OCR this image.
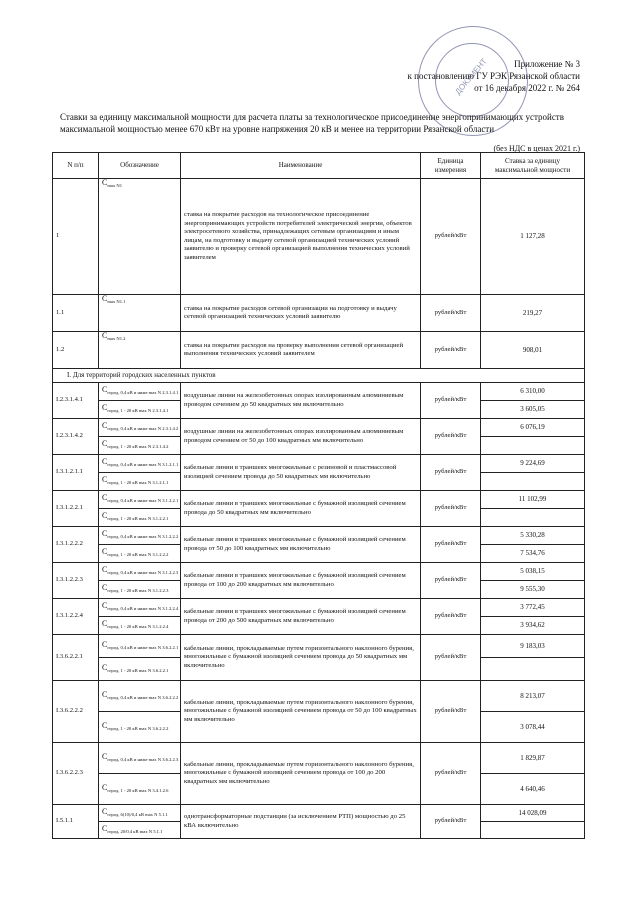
Приложение № 3
к постановлению ГУ РЭК Рязанской области
от 16 декабря 2022 г. № 264
ДОКУМЕНТ
Ставки за единицу максимальной мощности для расчета платы за технологическое присоединение энергопринимающих устройств максимальной мощностью менее 670 кВт на уровне напряжения 20 кВ и менее на территории Рязанской области
(без НДС в ценах 2021 г.)
N п/п	Обозначение	Наименование	Единица измерения	Ставка за единицу максимальной мощности
1	$C_{max N1}$	ставка на покрытие расходов на технологическое присоединение энергопринимающих устройств потребителей электрической энергии, объектов электросетевого хозяйства, принадлежащих сетевым организациям и иным лицам, на подготовку и выдачу сетевой организацией технических условий заявителю и проверку сетевой организацией выполнения технических условий заявителем	рублей/кВт	1 127,28
1.1	$C_{max N1.1}$	ставка на покрытие расходов сетевой организации на подготовку и выдачу сетевой организацией технических условий заявителю	рублей/кВт	219,27
1.2	$C_{max N1.2}$	ставка на покрытие расходов на проверку выполнения сетевой организацией выполнения технических условий заявителем	рублей/кВт	908,01
I. Для территорий городских населенных пунктов				
I.2.3.1.4.1	$C_{город, 0,4 кВ и ниже max N 2.3.1.4.1}$	воздушные линии на железобетонных опорах изолированным алюминиевым проводом сечением до 50 квадратных мм включительно	рублей/кВт	6 310,00
	$C_{город, 1 - 20 кВ max N 2.3.1.4.1}$			3 605,05
I.2.3.1.4.2	$C_{город, 0,4 кВ и ниже max N 2.3.1.4.2}$	воздушные линии на железобетонных опорах изолированным алюминиевым проводом сечением от 50 до 100 квадратных мм включительно	рублей/кВт	6 076,19
	$C_{город, 1 - 20 кВ max N 2.3.1.4.2}$	
I.3.1.2.1.1	$C_{город, 0,4 кВ и ниже max N 3.1.2.1.1}$	кабельные линии в траншеях многожильные с резиновой и пластмассовой изоляцией сечением провода до 50 квадратных мм включительно	рублей/кВт	9 224,69
	$C_{город, 1 - 20 кВ max N 3.1.2.1.1}$	
I.3.1.2.2.1	$C_{город, 0,4 кВ и ниже max N 3.1.2.2.1}$	кабельные линии в траншеях многожильные с бумажной изоляцией сечением провода до 50 квадратных мм включительно	рублей/кВт	11 102,99
	$C_{город, 1 - 20 кВ max N 3.1.2.2.1}$	
I.3.1.2.2.2	$C_{город, 0,4 кВ и ниже max N 3.1.2.2.2}$	кабельные линии в траншеях многожильные с бумажной изоляцией сечением провода от 50 до 100 квадратных мм включительно	рублей/кВт	5 330,28
	$C_{город, 1 - 20 кВ max N 3.1.2.2.2}$			7 534,76
I.3.1.2.2.3	$C_{город, 0,4 кВ и ниже max N 3.1.2.2.3}$	кабельные линии в траншеях многожильные с бумажной изоляцией сечением провода от 100 до 200 квадратных мм включительно	рублей/кВт	5 038,15
	$C_{город, 1 - 20 кВ max N 3.1.2.2.3}$			9 555,30
I.3.1.2.2.4	$C_{город, 0,4 кВ и ниже max N 3.1.2.2.4}$	кабельные линии в траншеях многожильные с бумажной изоляцией сечением провода от 200 до 500 квадратных мм включительно	рублей/кВт	3 772,45
	$C_{город, 1 - 20 кВ max N 3.1.2.2.4}$			3 934,62
I.3.6.2.2.1	$C_{город, 0,4 кВ и ниже max N 3.6.2.2.1}$	кабельные линии, прокладываемые путем горизонтального наклонного бурения, многожильные с бумажной изоляцией сечением провода до 50 квадратных мм включительно	рублей/кВт	9 183,03
	$C_{город, 1 - 20 кВ max N 3.6.2.2.1}$	
I.3.6.2.2.2	$C_{город, 0,4 кВ и ниже max N 3.6.2.2.2}$	кабельные линии, прокладываемые путем горизонтального наклонного бурения, многожильные с бумажной изоляцией сечением провода от 50 до 100 квадратных мм включительно	рублей/кВт	8 213,07
	$C_{город, 1 - 20 кВ max N 3.6.2.2.2}$			3 078,44
I.3.6.2.2.3	$C_{город, 0,4 кВ и ниже max N 3.6.2.2.3}$	кабельные линии, прокладываемые путем горизонтального наклонного бурения, многожильные с бумажной изоляцией сечением провода от 100 до 200 квадратных мм включительно	рублей/кВт	1 829,87
	$C_{город, 1 - 20 кВ max N 3.4.1.2.6}$			4 640,46
I.5.1.1	$C_{город, 6(10)/0,4 кВ max N 5.1.1}$	однотрансформаторные подстанции (за исключением РТП) мощностью до 25 кВА включительно	рублей/кВт	14 028,09
	$C_{город, 20/0,4 кВ max N 5.1.1}$	
